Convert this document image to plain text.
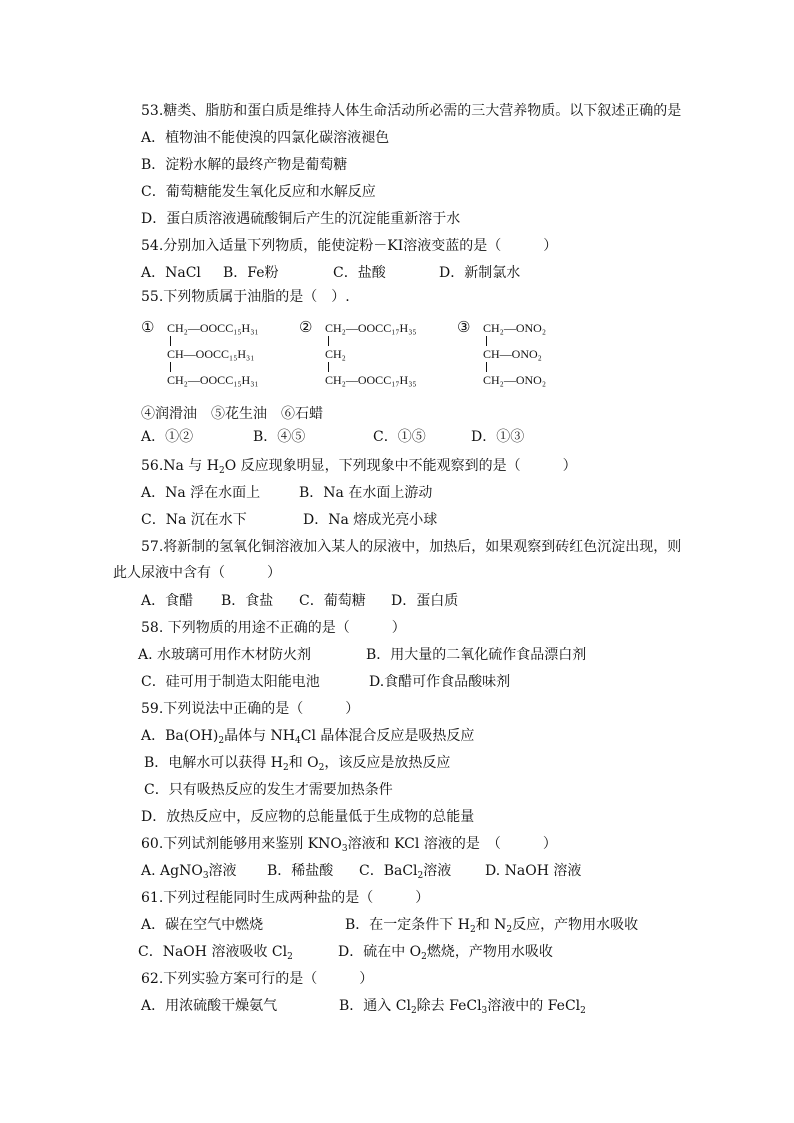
53.糖类、脂肪和蛋白质是维持人体生命活动所必需的三大营养物质。以下叙述正确的是
A．植物油不能使溴的四氯化碳溶液褪色
B．淀粉水解的最终产物是葡萄糖
C．葡萄糖能发生氧化反应和水解反应
D．蛋白质溶液遇硫酸铜后产生的沉淀能重新溶于水
54.分别加入适量下列物质，能使淀粉－KI溶液变蓝的是（　　　）
A．NaCl B．Fe粉	C．盐酸	D．新制氯水
55.下列物质属于油脂的是（　）.
① CH₂—OOCC₁₅H₃₁
CH—OOCC₁₅H₃₁
CH₂—OOCC₁₅H₃₁
② CH₂—OOCC₁₇H₃₅
CH₂
CH₂—OOCC₁₇H₃₅
③ CH₂—ONO₂
CH—ONO₂
CH₂—ONO₂
④润滑油　⑤花生油　⑥石蜡
A．①②	B．④⑤	C．①⑤	D．①③
56.Na 与 $H_2O$ 反应现象明显，下列现象中不能观察到的是（　　　）
A．Na 浮在水面上	B．Na 在水面上游动
C．Na 沉在水下	D．Na 熔成光亮小球
57.将新制的氢氧化铜溶液加入某人的尿液中，加热后，如果观察到砖红色沉淀出现，则
此人尿液中含有（　　　）
A．食醋 B．食盐 C．葡萄糖 D．蛋白质
58. 下列物质的用途不正确的是（　　　）
A. 水玻璃可用作木材防火剂	B．用大量的二氧化硫作食品漂白剂
C．硅可用于制造太阳能电池	D.食醋可作食品酸味剂
59.下列说法中正确的是（　　　）
A．$Ba(OH)_2$晶体与 $NH_4Cl$ 晶体混合反应是吸热反应
B．电解水可以获得 $H_2$和 $O_2$，该反应是放热反应
C．只有吸热反应的发生才需要加热条件
D．放热反应中，反应物的总能量低于生成物的总能量
60.下列试剂能够用来鉴别 $KNO_3$溶液和 KCl 溶液的是　（　　　）
A. AgNO$_3$溶液 B．稀盐酸 C．BaCl$_2$溶液 D. NaOH 溶液
61.下列过程能同时生成两种盐的是（　　　）
A．碳在空气中燃烧	B．在一定条件下 $H_2$和 $N_2$反应，产物用水吸收
C．NaOH 溶液吸收 $Cl_2$	D．硫在中 $O_2$燃烧，产物用水吸收
62.下列实验方案可行的是（　　　）
A．用浓硫酸干燥氨气	B．通入 $Cl_2$除去 FeCl$_3$溶液中的 FeCl$_2$
